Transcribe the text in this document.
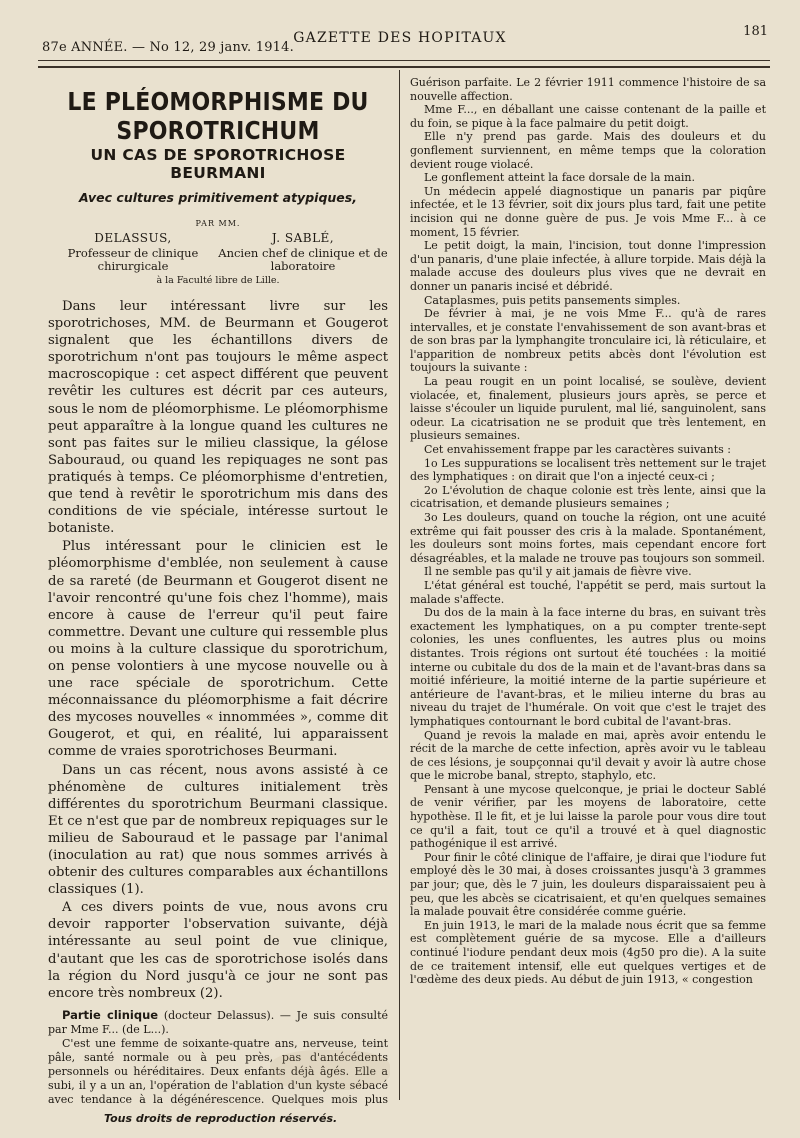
87e ANNÉE. — No 12, 29 janv. 1914.
GAZETTE DES HOPITAUX	181
LE PLÉOMORPHISME DU SPOROTRICHUM
UN CAS DE SPOROTRICHOSE BEURMANI
Avec cultures primitivement atypiques,
PAR MM.
DELASSUS,
Professeur de clinique chirurgicale
J. SABLÉ,
Ancien chef de clinique et de laboratoire
à la Faculté libre de Lille.

Dans leur intéressant livre sur les sporotrichoses, MM. de Beurmann et Gougerot signalent que les échantillons divers de sporotrichum n'ont pas toujours le même aspect macroscopique : cet aspect différent que peuvent revêtir les cultures est décrit par ces auteurs, sous le nom de pléomorphisme. Le pléomorphisme peut apparaître à la longue quand les cultures ne sont pas faites sur le milieu classique, la gélose Sabouraud, ou quand les repiquages ne sont pas pratiqués à temps. Ce pléomorphisme d'entretien, que tend à revêtir le sporotrichum mis dans des conditions de vie spéciale, intéresse surtout le botaniste.

Plus intéressant pour le clinicien est le pléomorphisme d'emblée, non seulement à cause de sa rareté (de Beurmann et Gougerot disent ne l'avoir rencontré qu'une fois chez l'homme), mais encore à cause de l'erreur qu'il peut faire commettre. Devant une culture qui ressemble plus ou moins à la culture classique du sporotrichum, on pense volontiers à une mycose nouvelle ou à une race spéciale de sporotrichum. Cette méconnaissance du pléomorphisme a fait décrire des mycoses nouvelles « innommées », comme dit Gougerot, et qui, en réalité, lui apparaissent comme de vraies sporotrichoses Beurmani.

Dans un cas récent, nous avons assisté à ce phénomène de cultures initialement très différentes du sporotrichum Beurmani classique. Et ce n'est que par de nombreux repiquages sur le milieu de Sabouraud et le passage par l'animal (inoculation au rat) que nous sommes arrivés à obtenir des cultures comparables aux échantillons classiques (1).

A ces divers points de vue, nous avons cru devoir rapporter l'observation suivante, déjà intéressante au seul point de vue clinique, d'autant que les cas de sporotrichose isolés dans la région du Nord jusqu'à ce jour ne sont pas encore très nombreux (2).

Partie clinique (docteur Delassus). — Je suis consulté par Mme F... (de L...).

C'est une femme de soixante-quatre ans, nerveuse, teint pâle, santé normale ou à peu près, pas d'antécédents personnels ou héréditaires. Deux enfants déjà âgés. Elle a subi, il y a un an, l'opération de l'ablation d'un kyste sébacé avec tendance à la dégénérescence. Quelques mois plus

Guérison parfaite. Le 2 février 1911 commence l'histoire de sa nouvelle affection.

Mme F..., en déballant une caisse contenant de la paille et du foin, se pique à la face palmaire du petit doigt.

Elle n'y prend pas garde. Mais des douleurs et du gonflement surviennent, en même temps que la coloration devient rouge violacé.

Le gonflement atteint la face dorsale de la main.

Un médecin appelé diagnostique un panaris par piqûre infectée, et le 13 février, soit dix jours plus tard, fait une petite incision qui ne donne guère de pus. Je vois Mme F... à ce moment, 15 février.

Le petit doigt, la main, l'incision, tout donne l'impression d'un panaris, d'une plaie infectée, à allure torpide. Mais déjà la malade accuse des douleurs plus vives que ne devrait en donner un panaris incisé et débridé.

Cataplasmes, puis petits pansements simples.

De février à mai, je ne vois Mme F... qu'à de rares intervalles, et je constate l'envahissement de son avant-bras et de son bras par la lymphangite tronculaire ici, là réticulaire, et l'apparition de nombreux petits abcès dont l'évolution est toujours la suivante :

La peau rougit en un point localisé, se soulève, devient violacée, et, finalement, plusieurs jours après, se perce et laisse s'écouler un liquide purulent, mal lié, sanguinolent, sans odeur. La cicatrisation ne se produit que très lentement, en plusieurs semaines.

Cet envahissement frappe par les caractères suivants :

1o Les suppurations se localisent très nettement sur le trajet des lymphatiques : on dirait que l'on a injecté ceux-ci ;

2o L'évolution de chaque colonie est très lente, ainsi que la cicatrisation, et demande plusieurs semaines ;

3o Les douleurs, quand on touche la région, ont une acuité extrême qui fait pousser des cris à la malade. Spontanément, les douleurs sont moins fortes, mais cependant encore fort désagréables, et la malade ne trouve pas toujours son sommeil.

Il ne semble pas qu'il y ait jamais de fièvre vive.

L'état général est touché, l'appétit se perd, mais surtout la malade s'affecte.

Du dos de la main à la face interne du bras, en suivant très exactement les lymphatiques, on a pu compter trente-sept colonies, les unes confluentes, les autres plus ou moins distantes. Trois régions ont surtout été touchées : la moitié interne ou cubitale du dos de la main et de l'avant-bras dans sa moitié inférieure, la moitié interne de la partie supérieure et antérieure de l'avant-bras, et le milieu interne du bras au niveau du trajet de l'humérale. On voit que c'est le trajet des lymphatiques contournant le bord cubital de l'avant-bras.

Quand je revois la malade en mai, après avoir entendu le récit de la marche de cette infection, après avoir vu le tableau de ces lésions, je soupçonnai qu'il devait y avoir là autre chose que le microbe banal, strepto, staphylo, etc.

Pensant à une mycose quelconque, je priai le docteur Sablé de venir vérifier, par les moyens de laboratoire, cette hypothèse. Il le fit, et je lui laisse la parole pour vous dire tout ce qu'il a fait, tout ce qu'il a trouvé et à quel diagnostic pathogénique il est arrivé.

Pour finir le côté clinique de l'affaire, je dirai que l'iodure fut employé dès le 30 mai, à doses croissantes jusqu'à 3 grammes par jour; que, dès le 7 juin, les douleurs disparaissaient peu à peu, que les abcès se cicatrisaient, et qu'en quelques semaines la malade pouvait être considérée comme guérie.

En juin 1913, le mari de la malade nous écrit que sa femme est complètement guérie de sa mycose. Elle a d'ailleurs continué l'iodure pendant deux mois (4g50 pro die). A la suite de ce traitement intensif, elle eut quelques vertiges et de l'œdème des deux pieds. Au début de juin 1913, « congestion

Tous droits de reproduction réservés.
